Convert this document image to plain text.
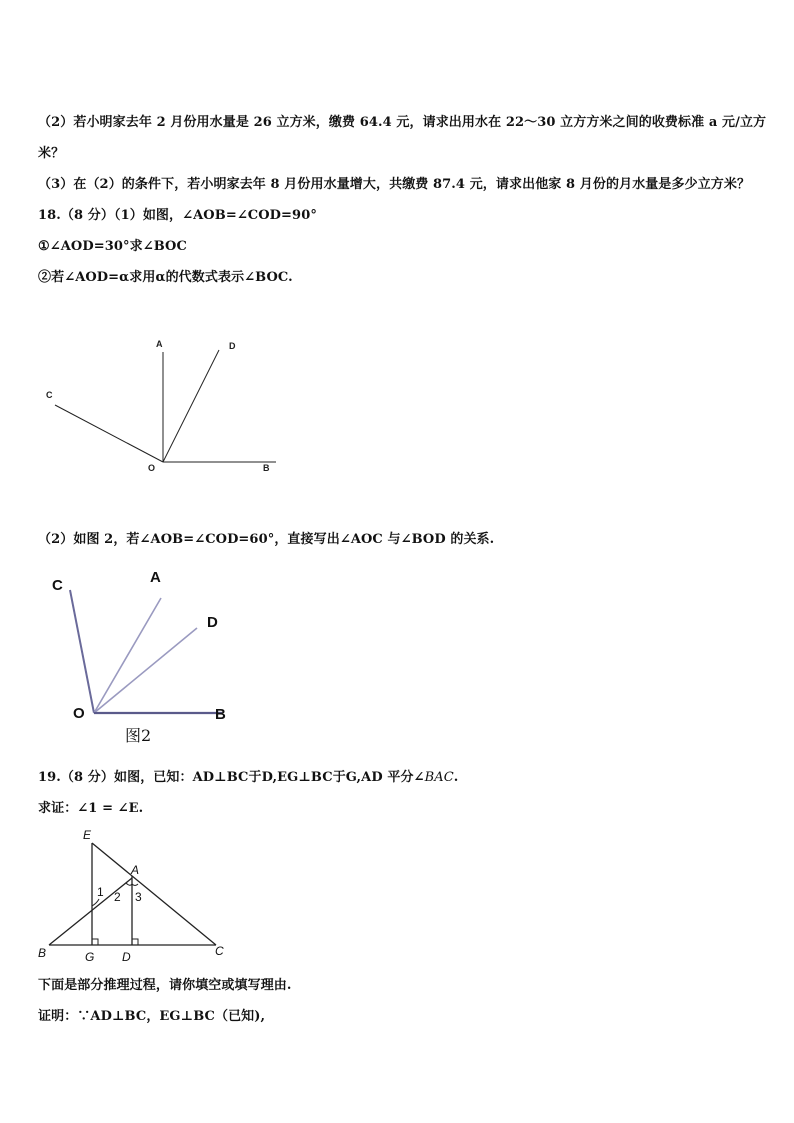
（2）若小明家去年 2 月份用水量是 26 立方米，缴费 64.4 元，请求出用水在 22～30 立方方米之间的收费标准 a 元/立方
米？
（3）在（2）的条件下，若小明家去年 8 月份用水量增大，共缴费 87.4 元，请求出他家 8 月份的月水量是多少立方米？
18.（8 分）（1）如图，∠AOB=∠COD=90°
①∠AOD=30°求∠BOC
②若∠AOD=α求用α的代数式表示∠BOC.
A	D
C
O	B
C	A
D
O	B
图2
E
A
1 2 3
B	G D	C
（2）如图 2，若∠AOB=∠COD=60°，直接写出∠AOC 与∠BOD 的关系.
19.（8 分）如图，已知：AD⊥BC于D,EG⊥BC于G,AD 平分∠BAC.
求证：∠1 = ∠E.
下面是部分推理过程，请你填空或填写理由.
证明：∵AD⊥BC，EG⊥BC（已知),
